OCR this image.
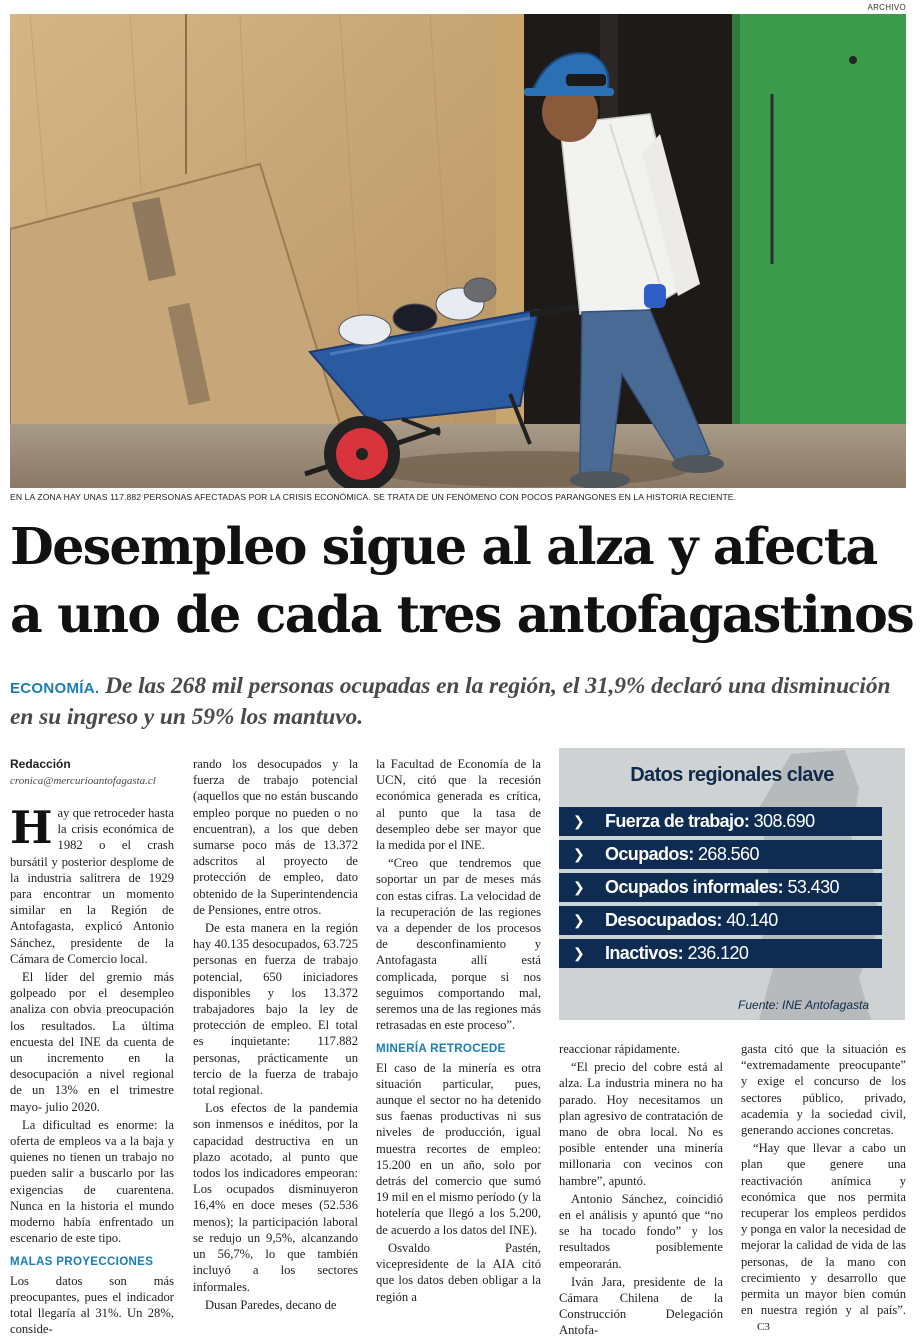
ARCHIVO
EN LA ZONA HAY UNAS 117.882 PERSONAS AFECTADAS POR LA CRISIS ECONÓMICA. SE TRATA DE UN FENÓMENO CON POCOS PARANGONES EN LA HISTORIA RECIENTE.
Desempleo sigue al alza y afecta
a uno de cada tres antofagastinos

ECONOMÍA. De las 268 mil personas ocupadas en la región, el 31,9% declaró una disminución en su ingreso y un 59% los mantuvo.

Redacción

cronica@mercurioantofagasta.cl

Hay que retroceder hasta la crisis económica de 1982 o el crash bursátil y posterior desplome de la industria salitrera de 1929 para encontrar un momento similar en la Región de Antofagasta, explicó Antonio Sánchez, presidente de la Cámara de Comercio local.

El líder del gremio más golpeado por el desempleo analiza con obvia preocupación los resultados. La última encuesta del INE da cuenta de un incremento en la desocupación a nivel regional de un 13% en el trimestre mayo- julio 2020.

La dificultad es enorme: la oferta de empleos va a la baja y quienes no tienen un trabajo no pueden salir a buscarlo por las exigencias de cuarentena. Nunca en la historia el mundo moderno había enfrentado un escenario de este tipo.

MALAS PROYECCIONES

Los datos son más preocupantes, pues el indicador total llegaría al 31%. Un 28%, conside-

rando los desocupados y la fuerza de trabajo potencial (aquellos que no están buscando empleo porque no pueden o no encuentran), a los que deben sumarse poco más de 13.372 adscritos al proyecto de protección de empleo, dato obtenido de la Superintendencia de Pensiones, entre otros.

De esta manera en la región hay 40.135 desocupados, 63.725 personas en fuerza de trabajo potencial, 650 iniciadores disponibles y los 13.372 trabajadores bajo la ley de protección de empleo. El total es inquietante: 117.882 personas, prácticamente un tercio de la fuerza de trabajo total regional.

Los efectos de la pandemia son inmensos e inéditos, por la capacidad destructiva en un plazo acotado, al punto que todos los indicadores empeoran: Los ocupados disminuyeron 16,4% en doce meses (52.536 menos); la participación laboral se redujo un 9,5%, alcanzando un 56,7%, lo que también incluyó a los sectores informales.

Dusan Paredes, decano de

la Facultad de Economía de la UCN, citó que la recesión económica generada es crítica, al punto que la tasa de desempleo debe ser mayor que la medida por el INE.

“Creo que tendremos que soportar un par de meses más con estas cifras. La velocidad de la recuperación de las regiones va a depender de los procesos de desconfinamiento y Antofagasta allí está complicada, porque si nos seguimos comportando mal, seremos una de las regiones más retrasadas en este proceso”.

MINERÍA RETROCEDE

El caso de la minería es otra situación particular, pues, aunque el sector no ha detenido sus faenas productivas ni sus niveles de producción, igual muestra recortes de empleo: 15.200 en un año, solo por detrás del comercio que sumó 19 mil en el mismo período (y la hotelería que llegó a los 5.200, de acuerdo a los datos del INE).

Osvaldo Pastén, vicepresidente de la AIA citó que los datos deben obligar a la región a

Datos regionales clave
❯ Fuerza de trabajo: 308.690
❯ Ocupados: 268.560
❯ Ocupados informales: 53.430
❯ Desocupados: 40.140
❯ Inactivos: 236.120
Fuente: INE Antofagasta

reaccionar rápidamente.

“El precio del cobre está al alza. La industria minera no ha parado. Hoy necesitamos un plan agresivo de contratación de mano de obra local. No es posible entender una minería millonaria con vecinos con hambre”, apuntó.

Antonio Sánchez, coincidió en el análisis y apuntó que “no se ha tocado fondo” y los resultados posiblemente empeorarán.

Iván Jara, presidente de la Cámara Chilena de la Construcción Delegación Antofa-

gasta citó que la situación es “extremadamente preocupante” y exige el concurso de los sectores público, privado, academia y la sociedad civil, generando acciones concretas.

“Hay que llevar a cabo un plan que genere una reactivación anímica y económica que nos permita recuperar los empleos perdidos y ponga en valor la necesidad de mejorar la calidad de vida de las personas, de la mano con crecimiento y desarrollo que permita un mayor bien común en nuestra región y al país”.C3
